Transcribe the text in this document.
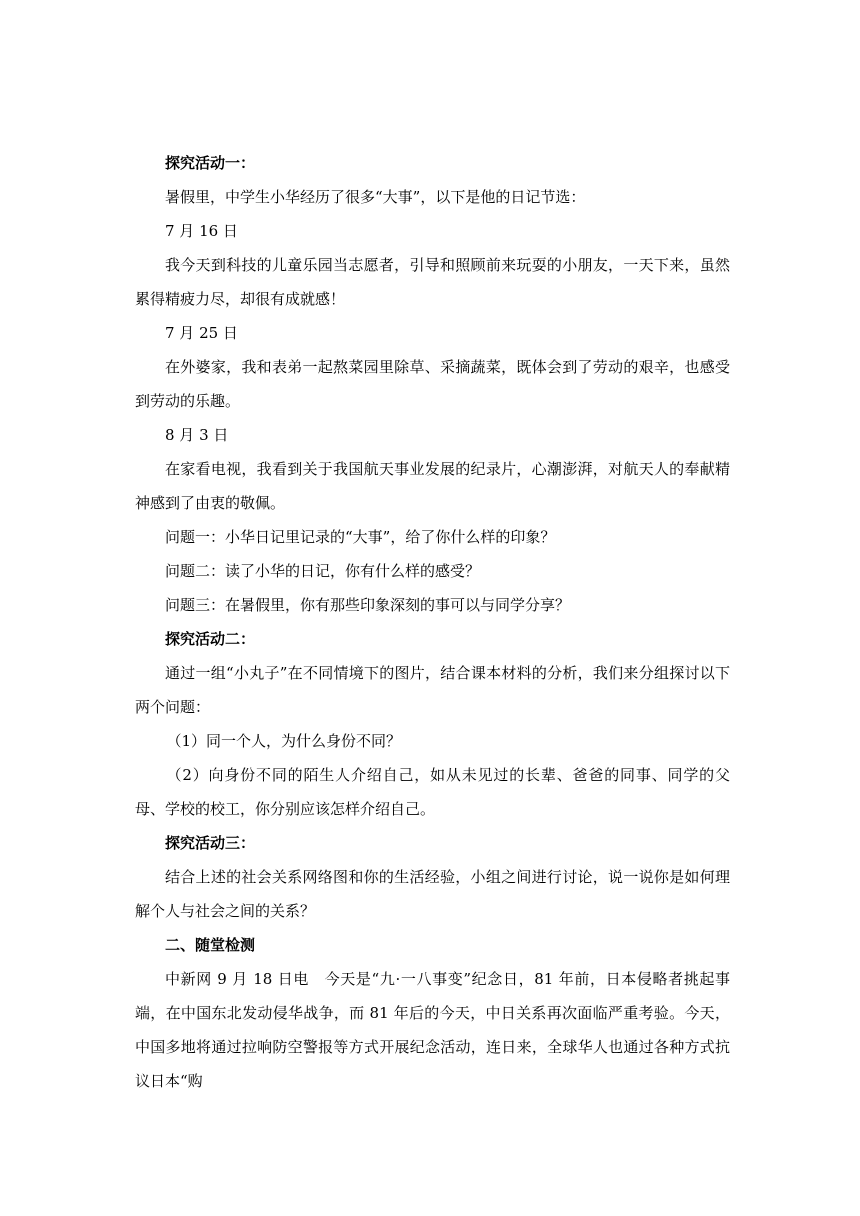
探究活动一：

暑假里，中学生小华经历了很多“大事”，以下是他的日记节选：

7 月 16 日

我今天到科技的儿童乐园当志愿者，引导和照顾前来玩耍的小朋友，一天下来，虽然累得精疲力尽，却很有成就感！

7 月 25 日

在外婆家，我和表弟一起熬菜园里除草、采摘蔬菜，既体会到了劳动的艰辛，也感受到劳动的乐趣。

8 月 3 日

在家看电视，我看到关于我国航天事业发展的纪录片，心潮澎湃，对航天人的奉献精神感到了由衷的敬佩。

问题一：小华日记里记录的“大事”，给了你什么样的印象？

问题二：读了小华的日记，你有什么样的感受？

问题三：在暑假里，你有那些印象深刻的事可以与同学分享？

探究活动二：

通过一组“小丸子”在不同情境下的图片，结合课本材料的分析，我们来分组探讨以下两个问题：

（1）同一个人，为什么身份不同？

（2）向身份不同的陌生人介绍自己，如从未见过的长辈、爸爸的同事、同学的父母、学校的校工，你分别应该怎样介绍自己。

探究活动三：

结合上述的社会关系网络图和你的生活经验，小组之间进行讨论，说一说你是如何理解个人与社会之间的关系？

二、随堂检测

中新网 9 月 18 日电　今天是“九·一八事变”纪念日，81 年前，日本侵略者挑起事端，在中国东北发动侵华战争，而 81 年后的今天，中日关系再次面临严重考验。今天，中国多地将通过拉响防空警报等方式开展纪念活动，连日来，全球华人也通过各种方式抗议日本“购
